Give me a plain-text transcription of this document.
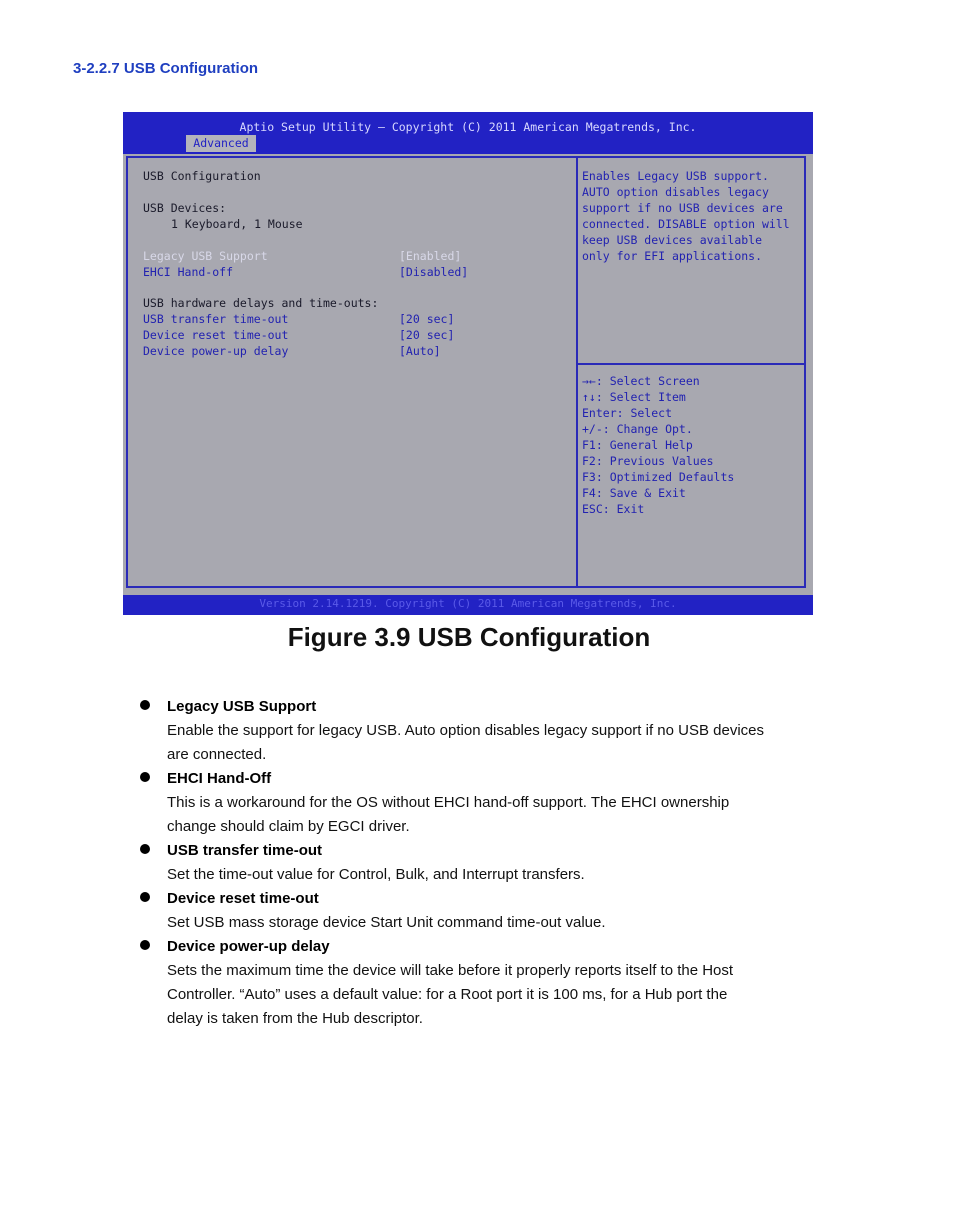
3-2.2.7 USB Configuration
Aptio Setup Utility – Copyright (C) 2011 American Megatrends, Inc.
Advanced
USB Configuration
USB Devices:
1 Keyboard, 1 Mouse
Legacy USB Support	[Enabled]
EHCI Hand-off	[Disabled]
USB hardware delays and time-outs:
USB transfer time-out	[20 sec]
Device reset time-out	[20 sec]
Device power-up delay	[Auto]
Enables Legacy USB support.
AUTO option disables legacy
support if no USB devices are
connected. DISABLE option will
keep USB devices available
only for EFI applications.
→←: Select Screen
↑↓: Select Item
Enter: Select
+/-: Change Opt.
F1: General Help
F2: Previous Values
F3: Optimized Defaults
F4: Save & Exit
ESC: Exit
Version 2.14.1219. Copyright (C) 2011 American Megatrends, Inc.
Figure 3.9 USB Configuration
Legacy USB Support
Enable the support for legacy USB. Auto option disables legacy support if no USB devices
are connected.
EHCI Hand-Off
This is a workaround for the OS without EHCI hand-off support. The EHCI ownership
change should claim by EGCI driver.
USB transfer time-out
Set the time-out value for Control, Bulk, and Interrupt transfers.
Device reset time-out
Set USB mass storage device Start Unit command time-out value.
Device power-up delay
Sets the maximum time the device will take before it properly reports itself to the Host
Controller. “Auto” uses a default value: for a Root port it is 100 ms, for a Hub port the
delay is taken from the Hub descriptor.
